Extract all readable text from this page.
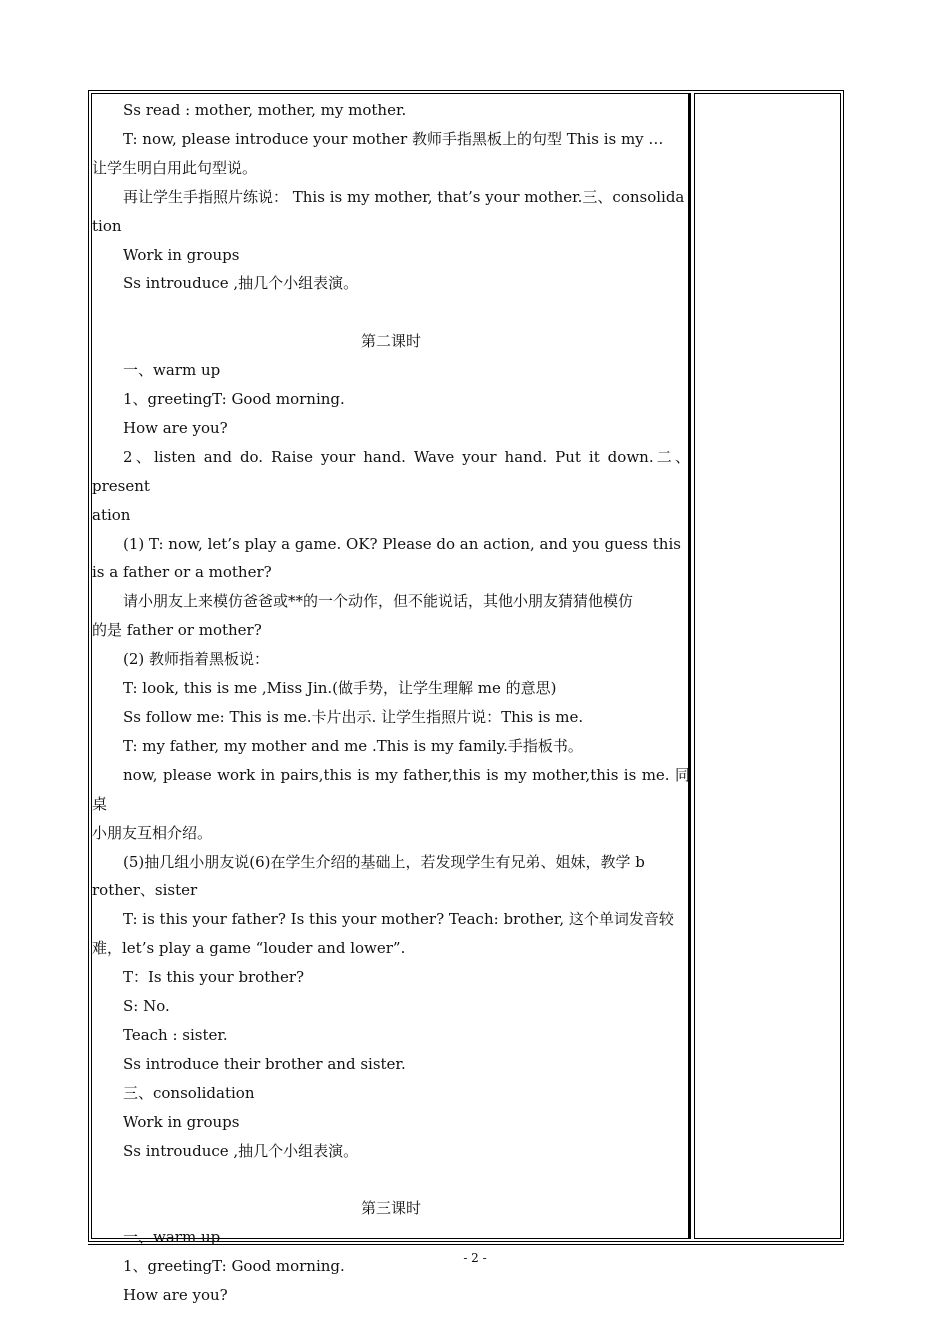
Ss read : mother, mother, my mother.

T: now, please introduce your mother 教师手指黑板上的句型 This is my …

让学生明白用此句型说。

再让学生手指照片练说： This is my mother, that’s your mother.三、consolida

tion

Work in groups

Ss introuduce ,抽几个小组表演。

第二课时

一、warm up

1、greetingT: Good morning.

How are you?

2、listen and do. Raise your hand. Wave your hand. Put it down.二、present

ation

(1) T: now, let’s play a game. OK? Please do an action, and you guess this

is a father or a mother?

请小朋友上来模仿爸爸或**的一个动作，但不能说话，其他小朋友猜猜他模仿

的是 father or mother?

(2) 教师指着黑板说：

T: look, this is me ,Miss Jin.(做手势，让学生理解 me 的意思)

Ss follow me: This is me.卡片出示. 让学生指照片说：This is me.

T: my father, my mother and me .This is my family.手指板书。

now, please work in pairs,this is my father,this is my mother,this is me. 同桌

小朋友互相介绍。

(5)抽几组小朋友说(6)在学生介绍的基础上，若发现学生有兄弟、姐妹，教学 b

rother、sister

T: is this your father? Is this your mother? Teach: brother, 这个单词发音较

难，let’s play a game “louder and lower”.

T：Is this your brother?

S: No.

Teach : sister.

Ss introduce their brother and sister.

三、consolidation

Work in groups

Ss introuduce ,抽几个小组表演。

第三课时

一、warm up

1、greetingT: Good morning.

How are you?

- 2 -
